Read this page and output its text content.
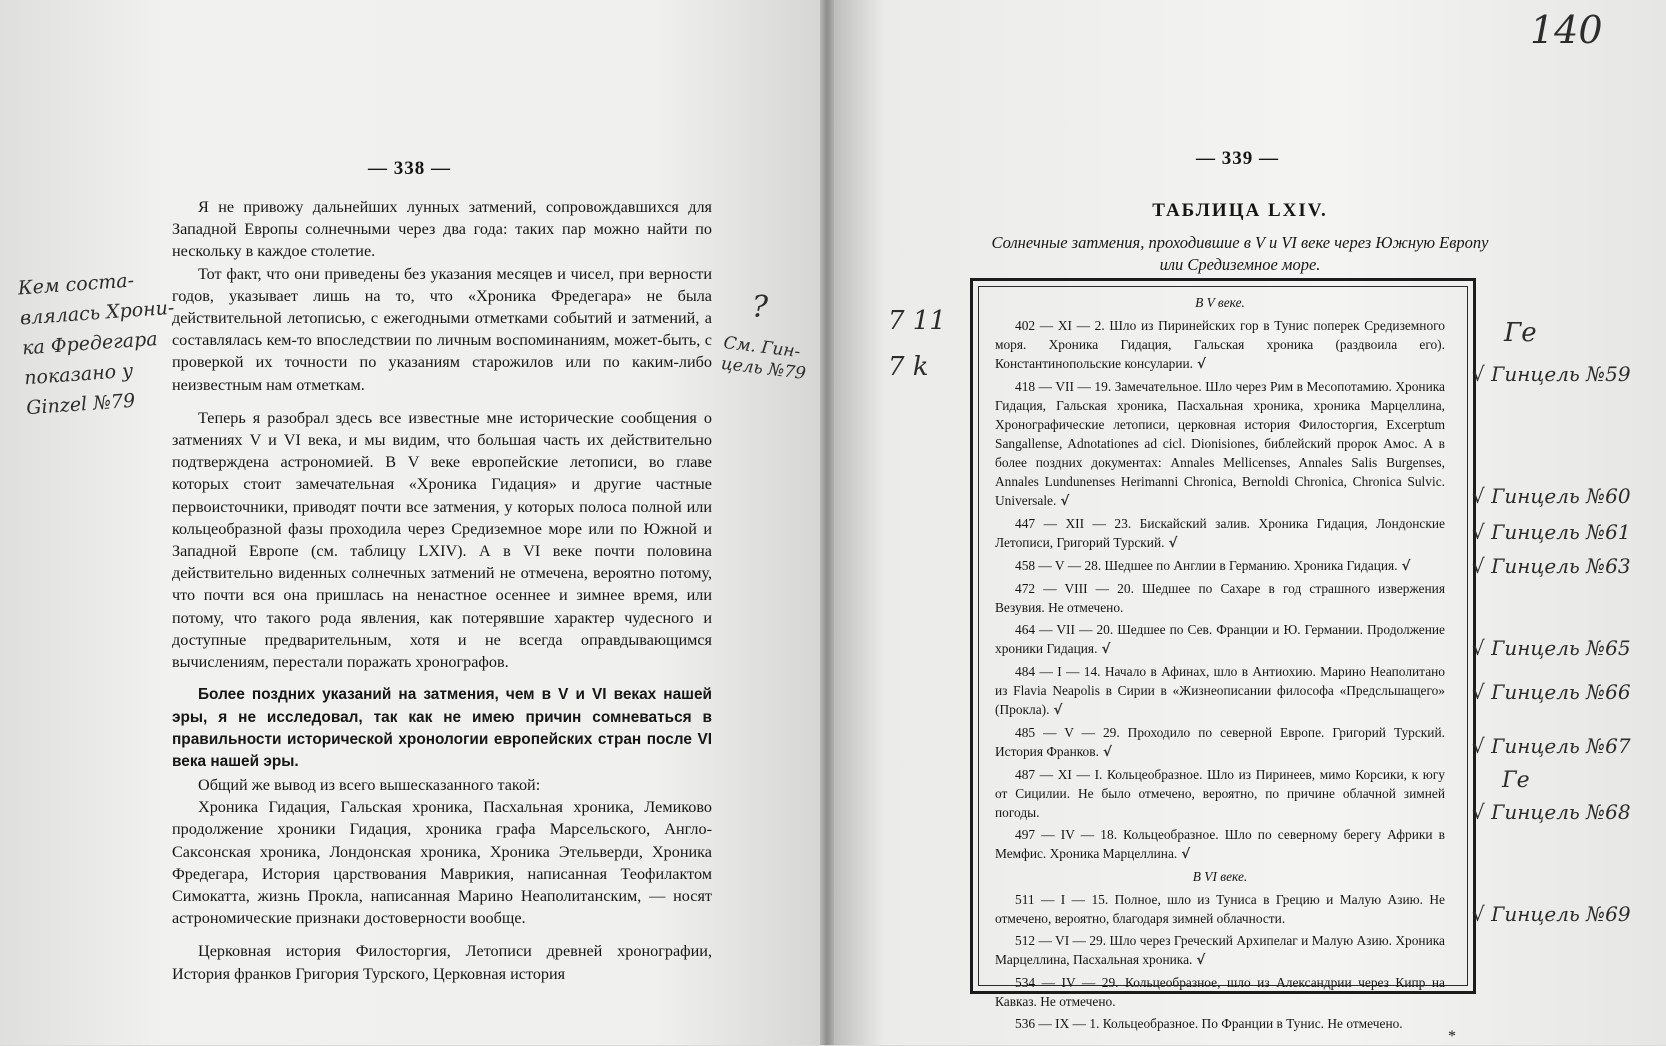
— 338 —

Я не привожу дальнейших лунных затмений, сопровождавшихся для Западной Европы солнечными через два года: таких пар можно найти по нескольку в каждое столетие.

Тот факт, что они приведены без указания месяцев и чисел, при верности годов, указывает лишь на то, что «Хроника Фредегара» не была действительной летописью, с ежегодными отметками событий и затмений, а составлялась кем-то впоследствии по личным воспоминаниям, может-быть, с проверкой их точности по указаниям старожилов или по каким-либо неизвестным нам отметкам.

Теперь я разобрал здесь все известные мне исторические сообщения о затмениях V и VI века, и мы видим, что большая часть их действительно подтверждена астрономией. В V веке европейские летописи, во главе которых стоит замечательная «Хроника Гидация» и другие частные первоисточники, приводят почти все затмения, у которых полоса полной или кольцеобразной фазы проходила через Средиземное море или по Южной и Западной Европе (см. таблицу LXIV). А в VI веке почти половина действительно виденных солнечных затмений не отмечена, вероятно потому, что почти вся она пришлась на ненастное осеннее и зимнее время, или потому, что такого рода явления, как потерявшие характер чудесного и доступные предварительным, хотя и не всегда оправдывающимся вычислениям, перестали поражать хронографов.

Более поздних указаний на затмения, чем в V и VI веках нашей эры, я не исследовал, так как не имею причин сомневаться в правильности исторической хронологии европейских стран после VI века нашей эры.

Общий же вывод из всего вышесказанного такой:

Хроника Гидация, Гальская хроника, Пасхальная хроника, Лемиково продолжение хроники Гидация, хроника графа Марсельского, Англо-Саксонская хроника, Лондонская хроника, Хроника Этельверди, Хроника Фредегара, История царствования Маврикия, написанная Теофилактом Симокатта, жизнь Прокла, написанная Марино Неаполитанским, — носят астрономические признаки достоверности вообще.

Церковная история Филосторгия, Летописи древней хронографии, История франков Григория Турского, Церковная история

Кем соста-
влялась Хрони-
ка Фредегара
показано у
Ginzel №79
?
См. Гин-
цель №79
— 339 —
140
7 11
7 k
ТАБЛИЦА LXIV.
Солнечные затмения, проходившие в V и VI веке через Южную Европу или Средиземное море.
В V веке.

402 — XI — 2. Шло из Пиринейских гор в Тунис поперек Средиземного моря. Хроника Гидация, Гальская хроника (раздвоила его). Константинопольские консуларии. √

418 — VII — 19. Замечательное. Шло через Рим в Месопотамию. Хроника Гидация, Гальская хроника, Пасхальная хроника, хроника Марцеллина, Хронографические летописи, церковная история Филосторгия, Excerptum Sangallense, Adnotationes ad cicl. Dionisiones, библейский пророк Амос. А в более поздних документах: Annales Mellicenses, Annales Salis Burgenses, Annales Lundunenses Herimanni Chronica, Bernoldi Chronica, Chronica Sulvic. Universale. √

447 — XII — 23. Бискайский залив. Хроника Гидация, Лондонские Летописи, Григорий Турский. √

458 — V — 28. Шедшее по Англии в Германию. Хроника Гидация. √

472 — VIII — 20. Шедшее по Сахаре в год страшного извержения Везувия. Не отмечено.

464 — VII — 20. Шедшее по Сев. Франции и Ю. Германии. Продолжение хроники Гидация. √

484 — I — 14. Начало в Афинах, шло в Антиохию. Марино Неаполитано из Flavia Neapolis в Сирии в «Жизнеописании философа «Предсльшащего» (Прокла). √

485 — V — 29. Проходило по северной Европе. Григорий Турский. История Франков. √

487 — XI — I. Кольцеобразное. Шло из Пиринеев, мимо Корсики, к югу от Сицилии. Не было отмечено, вероятно, по причине облачной зимней погоды.

497 — IV — 18. Кольцеобразное. Шло по северному берегу Африки в Мемфис. Хроника Марцеллина. √

В VI веке.

511 — I — 15. Полное, шло из Туниса в Грецию и Малую Азию. Не отмечено, вероятно, благодаря зимней облачности.

512 — VI — 29. Шло через Греческий Архипелаг и Малую Азию. Хроника Марцеллина, Пасхальная хроника. √

534 — IV — 29. Кольцеобразное, шло из Александрии через Кипр на Кавказ. Не отмечено.

536 — IX — 1. Кольцеобразное. По Франции в Тунис. Не отмечено.

*
Ге
Ге
√ Гинцель №59
√ Гинцель №60
√ Гинцель №61
√ Гинцель №63
√ Гинцель №65
√ Гинцель №66
√ Гинцель №67
√ Гинцель №68
√ Гинцель №69
